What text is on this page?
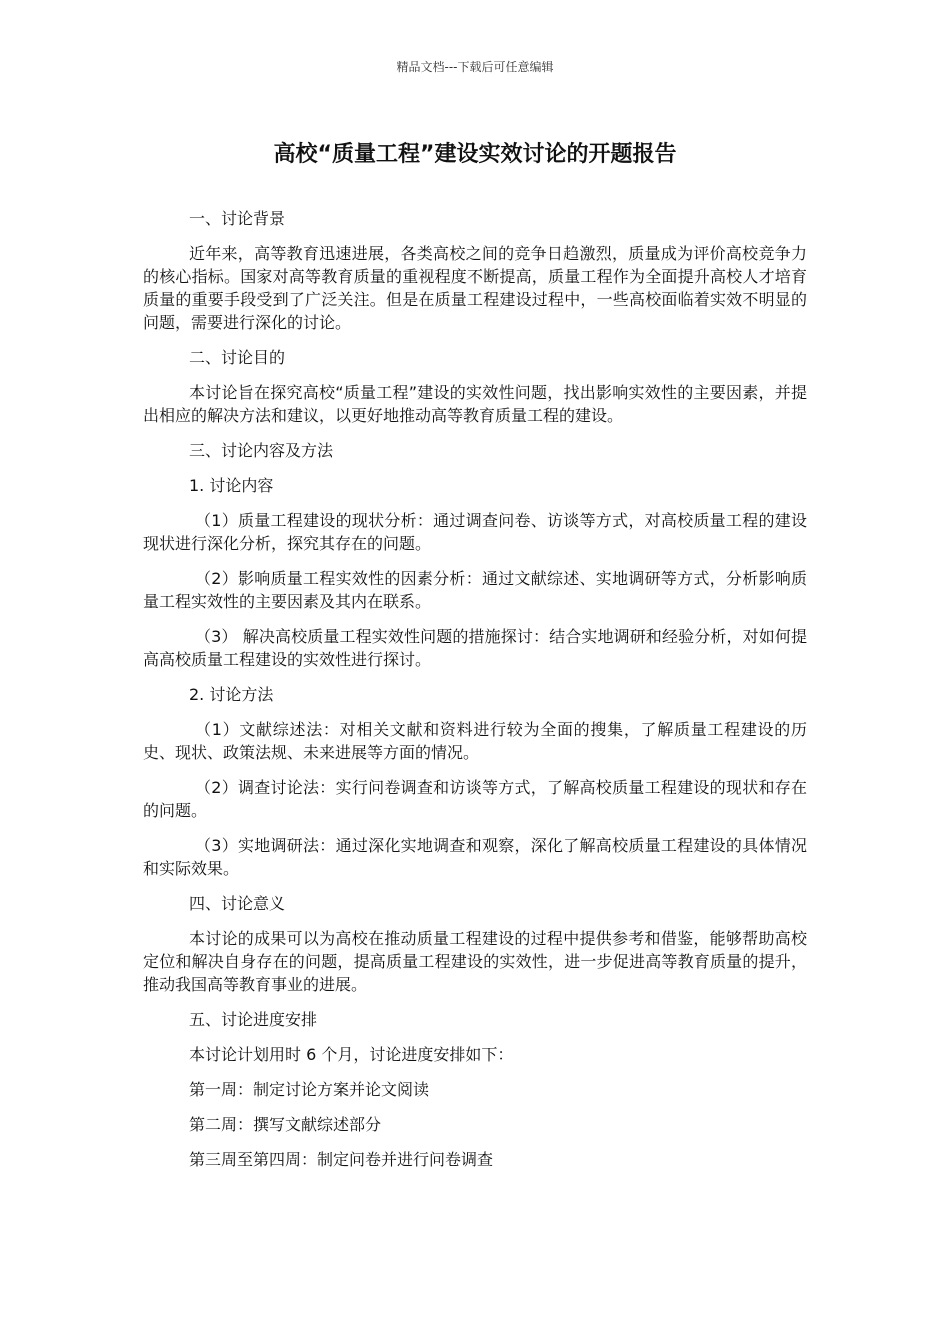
精品文档---下载后可任意编辑
高校“质量工程”建设实效讨论的开题报告

一、讨论背景

近年来，高等教育迅速进展，各类高校之间的竞争日趋激烈，质量成为评价高校竞争力的核心指标。国家对高等教育质量的重视程度不断提高，质量工程作为全面提升高校人才培育质量的重要手段受到了广泛关注。但是在质量工程建设过程中，一些高校面临着实效不明显的问题，需要进行深化的讨论。

二、讨论目的

本讨论旨在探究高校“质量工程”建设的实效性问题，找出影响实效性的主要因素，并提出相应的解决方法和建议，以更好地推动高等教育质量工程的建设。

三、讨论内容及方法

1. 讨论内容

（1）质量工程建设的现状分析：通过调查问卷、访谈等方式，对高校质量工程的建设现状进行深化分析，探究其存在的问题。

（2）影响质量工程实效性的因素分析：通过文献综述、实地调研等方式，分析影响质量工程实效性的主要因素及其内在联系。

（3） 解决高校质量工程实效性问题的措施探讨：结合实地调研和经验分析，对如何提高高校质量工程建设的实效性进行探讨。

2. 讨论方法

（1）文献综述法：对相关文献和资料进行较为全面的搜集，了解质量工程建设的历史、现状、政策法规、未来进展等方面的情况。

（2）调查讨论法：实行问卷调查和访谈等方式，了解高校质量工程建设的现状和存在的问题。

（3）实地调研法：通过深化实地调查和观察，深化了解高校质量工程建设的具体情况和实际效果。

四、讨论意义

本讨论的成果可以为高校在推动质量工程建设的过程中提供参考和借鉴，能够帮助高校定位和解决自身存在的问题，提高质量工程建设的实效性，进一步促进高等教育质量的提升，推动我国高等教育事业的进展。

五、讨论进度安排

本讨论计划用时 6 个月，讨论进度安排如下：

第一周：制定讨论方案并论文阅读

第二周：撰写文献综述部分

第三周至第四周：制定问卷并进行问卷调查
